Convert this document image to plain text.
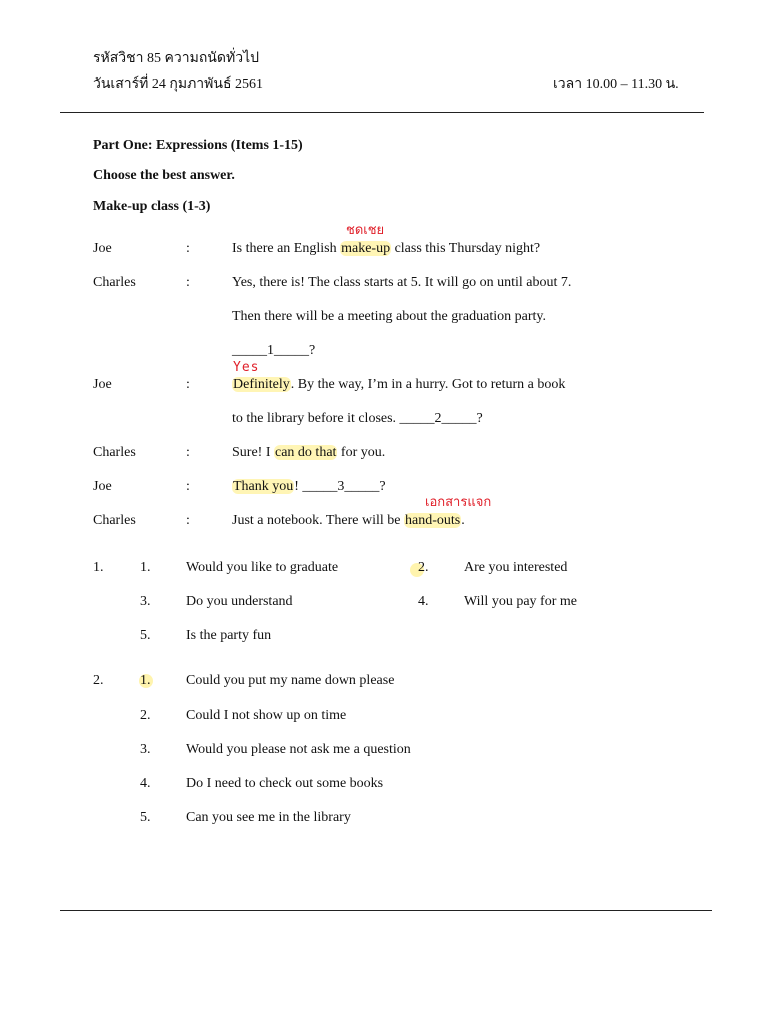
รหัสวิชา 85 ความถนัดทั่วไป
วันเสาร์ที่ 24 กุมภาพันธ์ 2561	เวลา 10.00 – 11.30 น.
Part One: Expressions (Items 1-15)
Choose the best answer.
Make-up class (1-3)
ชดเชย
Yes
เอกสารแจก
Joe	:	Is there an English make-up class this Thursday night?
Charles	:	Yes, there is! The class starts at 5. It will go on until about 7.
Then there will be a meeting about the graduation party.
_____1_____?
Joe	:	Definitely. By the way, I’m in a hurry. Got to return a book
to the library before it closes. _____2_____?
Charles	:	Sure! I can do that for you.
Joe	:	Thank you! _____3_____?
Charles	:	Just a notebook. There will be hand-outs.
1.	1.	Would you like to graduate	2.	Are you interested
3.	Do you understand	4.	Will you pay for me
5.	Is the party fun
2.	1.	Could you put my name down please
2.	Could I not show up on time
3.	Would you please not ask me a question
4.	Do I need to check out some books
5.	Can you see me in the library
